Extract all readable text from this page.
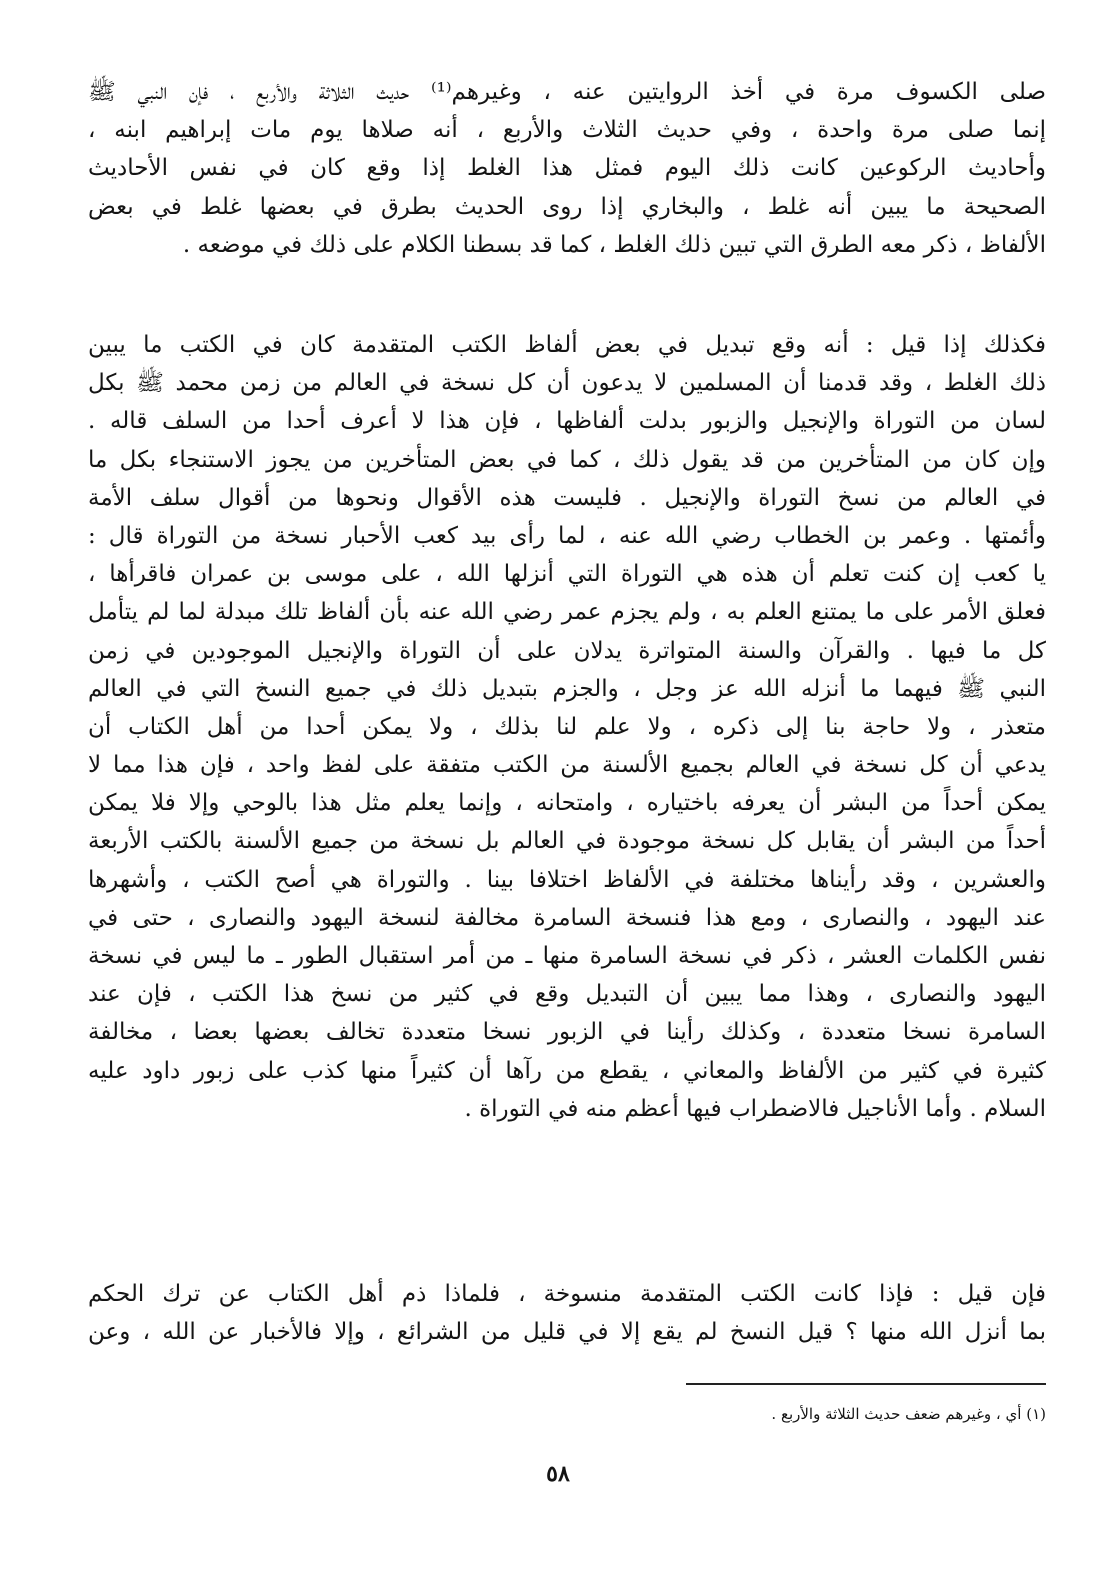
صلى الكسوف مرة في أخذ الروايتين عنه ، وغيرهم⁽¹⁾ حديث الثلاثة والأربع ، فإن النبي ﷺ
إنما صلى مرة واحدة ، وفي حديث الثلاث والأربع ، أنه صلاها يوم مات إبراهيم ابنه ،
وأحاديث الركوعين كانت ذلك اليوم فمثل هذا الغلط إذا وقع كان في نفس الأحاديث
الصحيحة ما يبين أنه غلط ، والبخاري إذا روى الحديث بطرق في بعضها غلط في بعض
الألفاظ ، ذكر معه الطرق التي تبين ذلك الغلط ، كما قد بسطنا الكلام على ذلك في موضعه .
فكذلك إذا قيل : أنه وقع تبديل في بعض ألفاظ الكتب المتقدمة كان في الكتب ما يبين
ذلك الغلط ، وقد قدمنا أن المسلمين لا يدعون أن كل نسخة في العالم من زمن محمد ﷺ بكل
لسان من التوراة والإنجيل والزبور بدلت ألفاظها ، فإن هذا لا أعرف أحدا من السلف قاله .
وإن كان من المتأخرين من قد يقول ذلك ، كما في بعض المتأخرين من يجوز الاستنجاء بكل ما
في العالم من نسخ التوراة والإنجيل . فليست هذه الأقوال ونحوها من أقوال سلف الأمة
وأئمتها . وعمر بن الخطاب رضي الله عنه ، لما رأى بيد كعب الأحبار نسخة من التوراة قال :
يا كعب إن كنت تعلم أن هذه هي التوراة التي أنزلها الله ، على موسى بن عمران فاقرأها ،
فعلق الأمر على ما يمتنع العلم به ، ولم يجزم عمر رضي الله عنه بأن ألفاظ تلك مبدلة لما لم يتأمل
كل ما فيها . والقرآن والسنة المتواترة يدلان على أن التوراة والإنجيل الموجودين في زمن
النبي ﷺ فيهما ما أنزله الله عز وجل ، والجزم بتبديل ذلك في جميع النسخ التي في العالم
متعذر ، ولا حاجة بنا إلى ذكره ، ولا علم لنا بذلك ، ولا يمكن أحدا من أهل الكتاب أن
يدعي أن كل نسخة في العالم بجميع الألسنة من الكتب متفقة على لفظ واحد ، فإن هذا مما لا
يمكن أحداً من البشر أن يعرفه باختياره ، وامتحانه ، وإنما يعلم مثل هذا بالوحي وإلا فلا يمكن
أحداً من البشر أن يقابل كل نسخة موجودة في العالم بل نسخة من جميع الألسنة بالكتب الأربعة
والعشرين ، وقد رأيناها مختلفة في الألفاظ اختلافا بينا . والتوراة هي أصح الكتب ، وأشهرها
عند اليهود ، والنصارى ، ومع هذا فنسخة السامرة مخالفة لنسخة اليهود والنصارى ، حتى في
نفس الكلمات العشر ، ذكر في نسخة السامرة منها ـ من أمر استقبال الطور ـ ما ليس في نسخة
اليهود والنصارى ، وهذا مما يبين أن التبديل وقع في كثير من نسخ هذا الكتب ، فإن عند
السامرة نسخا متعددة ، وكذلك رأينا في الزبور نسخا متعددة تخالف بعضها بعضا ، مخالفة
كثيرة في كثير من الألفاظ والمعاني ، يقطع من رآها أن كثيراً منها كذب على زبور داود عليه
السلام . وأما الأناجيل فالاضطراب فيها أعظم منه في التوراة .
فإن قيل : فإذا كانت الكتب المتقدمة منسوخة ، فلماذا ذم أهل الكتاب عن ترك الحكم
بما أنزل الله منها ؟ قيل النسخ لم يقع إلا في قليل من الشرائع ، وإلا فالأخبار عن الله ، وعن
(١) أي ، وغيرهم ضعف حديث الثلاثة والأربع .
٥٨
